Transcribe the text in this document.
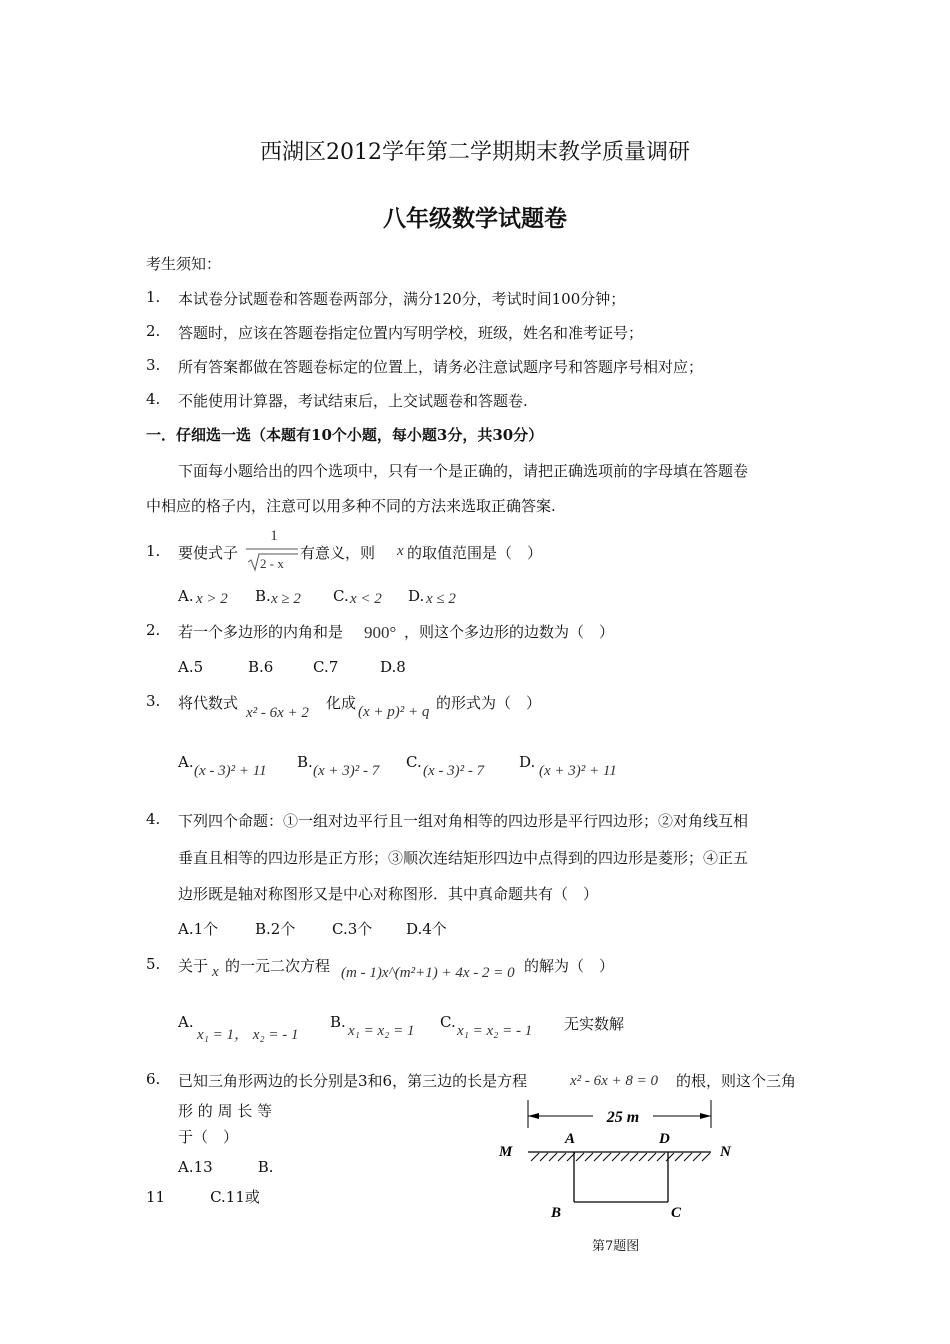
西湖区2012学年第二学期期末教学质量调研
八年级数学试题卷
考生须知：
1. 本试卷分试题卷和答题卷两部分，满分120分，考试时间100分钟；
2. 答题时，应该在答题卷指定位置内写明学校，班级，姓名和准考证号；
3. 所有答案都做在答题卷标定的位置上，请务必注意试题序号和答题序号相对应；
4. 不能使用计算器，考试结束后，上交试题卷和答题卷.
一．仔细选一选（本题有10个小题，每小题3分，共30分）
下面每小题给出的四个选项中，只有一个是正确的，请把正确选项前的字母填在答题卷
中相应的格子内，注意可以用多种不同的方法来选取正确答案.
1. 要使式子
1
2 - x
有意义，则 x 的取值范围是（　）
A. x > 2 B. x ≥ 2 C. x < 2 D. x ≤ 2
2. 若一个多边形的内角和是 900° ，则这个多边形的边数为（　）
A.5	B.6	C.7	D.8
3. 将代数式
x² - 6x + 2
化成 (x + p)² + q 的形式为（　）
A. (x - 3)² + 11 B. (x + 3)² - 7 C. (x - 3)² - 7 D. (x + 3)² + 11
4. 下列四个命题：①一组对边平行且一组对角相等的四边形是平行四边形；②对角线互相
垂直且相等的四边形是正方形；③顺次连结矩形四边中点得到的四边形是菱形；④正五
边形既是轴对称图形又是中心对称图形．其中真命题共有（　）
A.1个 B.2个 C.3个 D.4个
5. 关于 x 的一元二次方程 (m - 1)x^(m²+1) + 4x - 2 = 0 的解为（　）
A.
x₁ = 1， x₂ = - 1
B. x₁ = x₂ = 1 C. x₁ = x₂ = - 1 无实数解
6. 已知三角形两边的长分别是3和6，第三边的长是方程	x² - 6x + 8 = 0 的根，则这个三角
形 的 周 长 等
于（　）
A.13　　　B.
11　　　C.11或
25 m
M
A	D
N
B	C
第7题图
